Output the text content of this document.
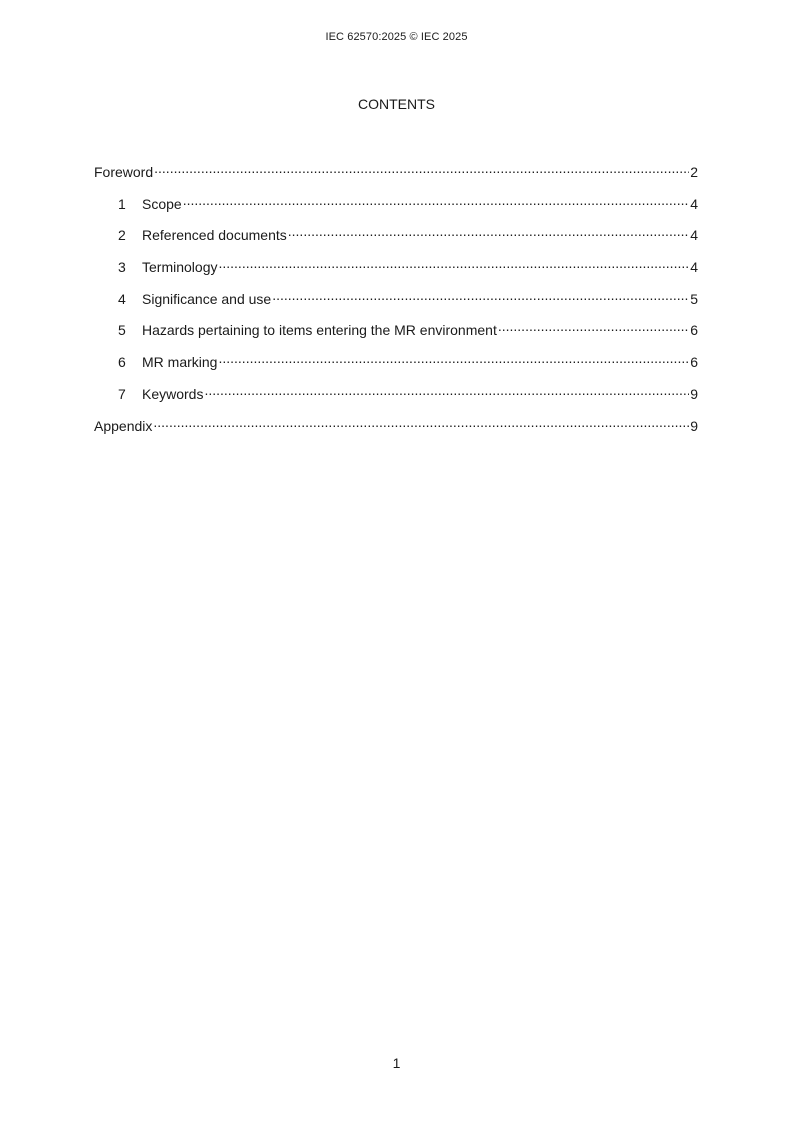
IEC 62570:2025 © IEC 2025
CONTENTS
Foreword .....	2
1	Scope .....	4
2	Referenced documents .....	4
3	Terminology .....	4
4	Significance and use .....	5
5	Hazards pertaining to items entering the MR environment .....	6
6	MR marking .....	6
7	Keywords .....	9
Appendix .....	9
1
